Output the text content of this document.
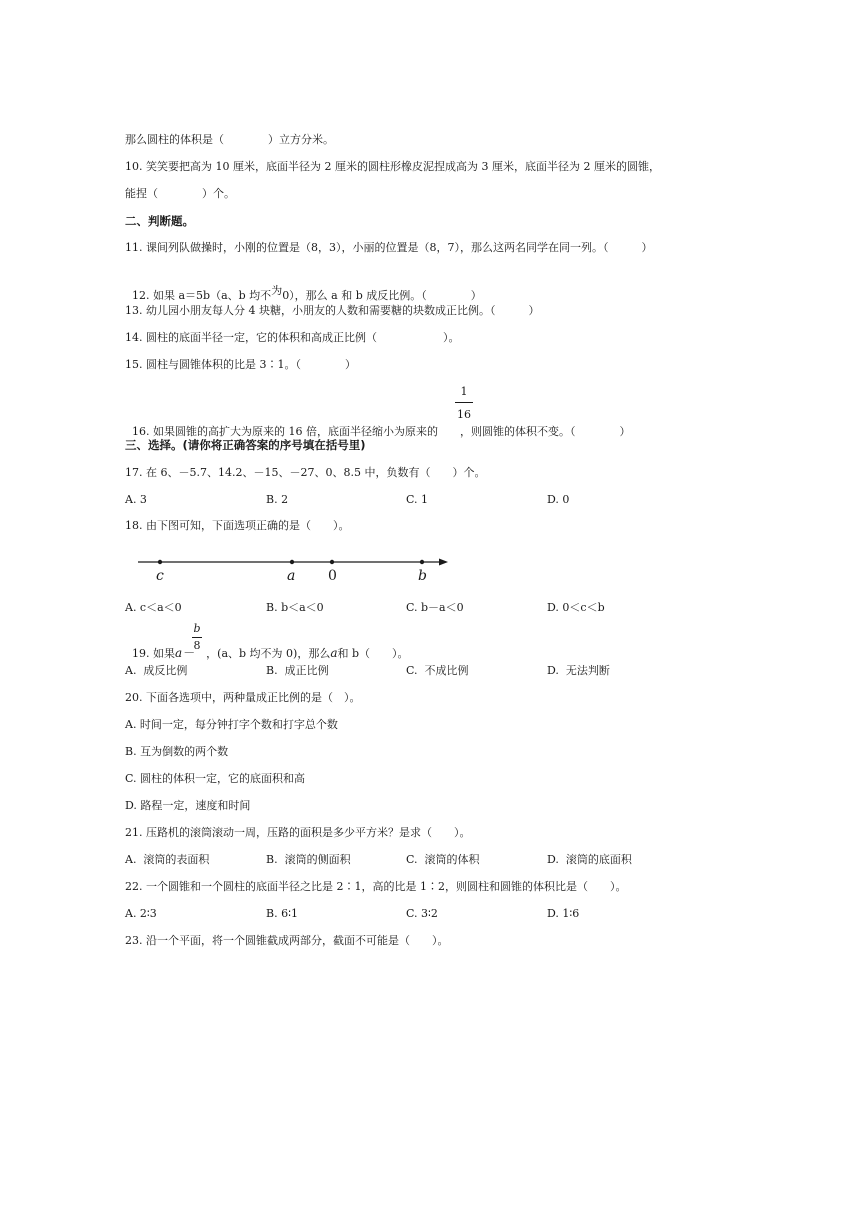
那么圆柱的体积是（　　　　）立方分米。
10. 笑笑要把高为 10 厘米，底面半径为 2 厘米的圆柱形橡皮泥捏成高为 3 厘米，底面半径为 2 厘米的圆锥，
能捏（　　　　）个。
二、判断题。
11. 课间列队做操时，小刚的位置是（8，3），小丽的位置是（8，7），那么这两名同学在同一列。（　　　）

12. 如果 a＝5b（a、b 均不为0），那么 a 和 b 成反比例。（　　　　）

13. 幼儿园小朋友每人分 4 块糖，小朋友的人数和需要糖的块数成正比例。（　　　）
14. 圆柱的底面半径一定，它的体积和高成正比例（　　　　　　）。
15. 圆柱与圆锥体积的比是 3∶1。（　　　　）

16. 如果圆锥的高扩大为原来的 16 倍，底面半径缩小为原来的 ，则圆锥的体积不变。（　　　　）

1
16
三、选择。(请你将正确答案的序号填在括号里)
17. 在 6、－5.7、14.2、－15、－27、0、8.5 中，负数有（　　）个。
A. 3	B. 2	C. 1	D. 0
18. 由下图可知，下面选项正确的是（　　）。
c	a 0	b
A. c＜a＜0	B. b＜a＜0	C. b－a＜0	D. 0＜c＜b

19. 如果a－ ，(a、b 均不为 0)，那么a和 b（　　）。

b
8
A.  成反比例	B.  成正比例	C.  不成比例	D.  无法判断
20. 下面各选项中，两种量成正比例的是（　）。
A. 时间一定，每分钟打字个数和打字总个数
B. 互为倒数的两个数
C. 圆柱的体积一定，它的底面积和高
D. 路程一定，速度和时间
21. 压路机的滚筒滚动一周，压路的面积是多少平方米？是求（　　）。
A.  滚筒的表面积	B.  滚筒的侧面积	C.  滚筒的体积	D.  滚筒的底面积
22. 一个圆锥和一个圆柱的底面半径之比是 2∶1，高的比是 1∶2，则圆柱和圆锥的体积比是（　　）。
A. 2∶3	B. 6∶1	C. 3∶2	D. 1∶6
23. 沿一个平面，将一个圆锥截成两部分，截面不可能是（　　）。
